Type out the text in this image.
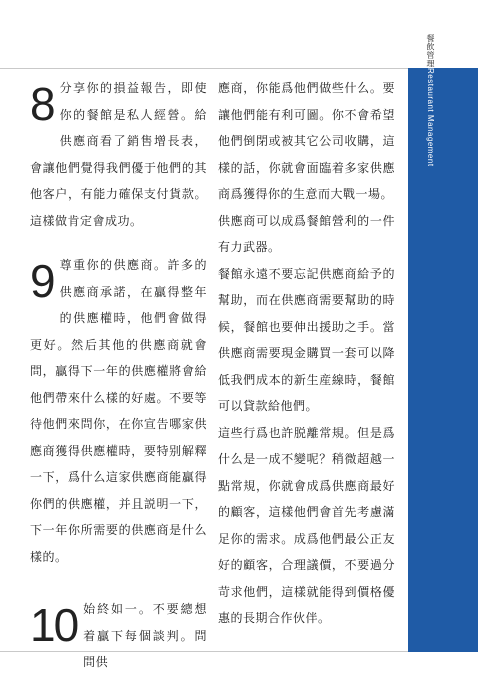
餐飲管理Restaurant Management
8 分享你的損益報告，即使你的餐館是私人經營。給供應商看了銷售增長表，會讓他們覺得我們優于他們的其他客户，有能力確保支付貨款。這樣做肯定會成功。

9 尊重你的供應商。許多的供應商承諾，在贏得整年的供應權時，他們會做得更好。然后其他的供應商就會問，贏得下一年的供應權將會給他們帶來什么樣的好處。不要等待他們來問你，在你宣告哪家供應商獲得供應權時，要特别解釋一下，爲什么這家供應商能贏得你們的供應權，并且説明一下，下一年你所需要的供應商是什么樣的。

10 始終如一。不要總想着贏下每個談判。問問供

應商，你能爲他們做些什么。要讓他們能有利可圖。你不會希望他們倒閉或被其它公司收購，這樣的話，你就會面臨着多家供應商爲獲得你的生意而大戰一場。

供應商可以成爲餐館營利的一件有力武器。

餐館永遠不要忘記供應商給予的幫助，而在供應商需要幫助的時候，餐館也要伸出援助之手。當供應商需要現金購買一套可以降低我們成本的新生産線時，餐館可以貸款給他們。

這些行爲也許脱離常規。但是爲什么是一成不變呢？稍微超越一點常規，你就會成爲供應商最好的顧客，這樣他們會首先考慮滿足你的需求。成爲他們最公正友好的顧客，合理議價，不要過分苛求他們，這樣就能得到價格優惠的長期合作伙伴。
